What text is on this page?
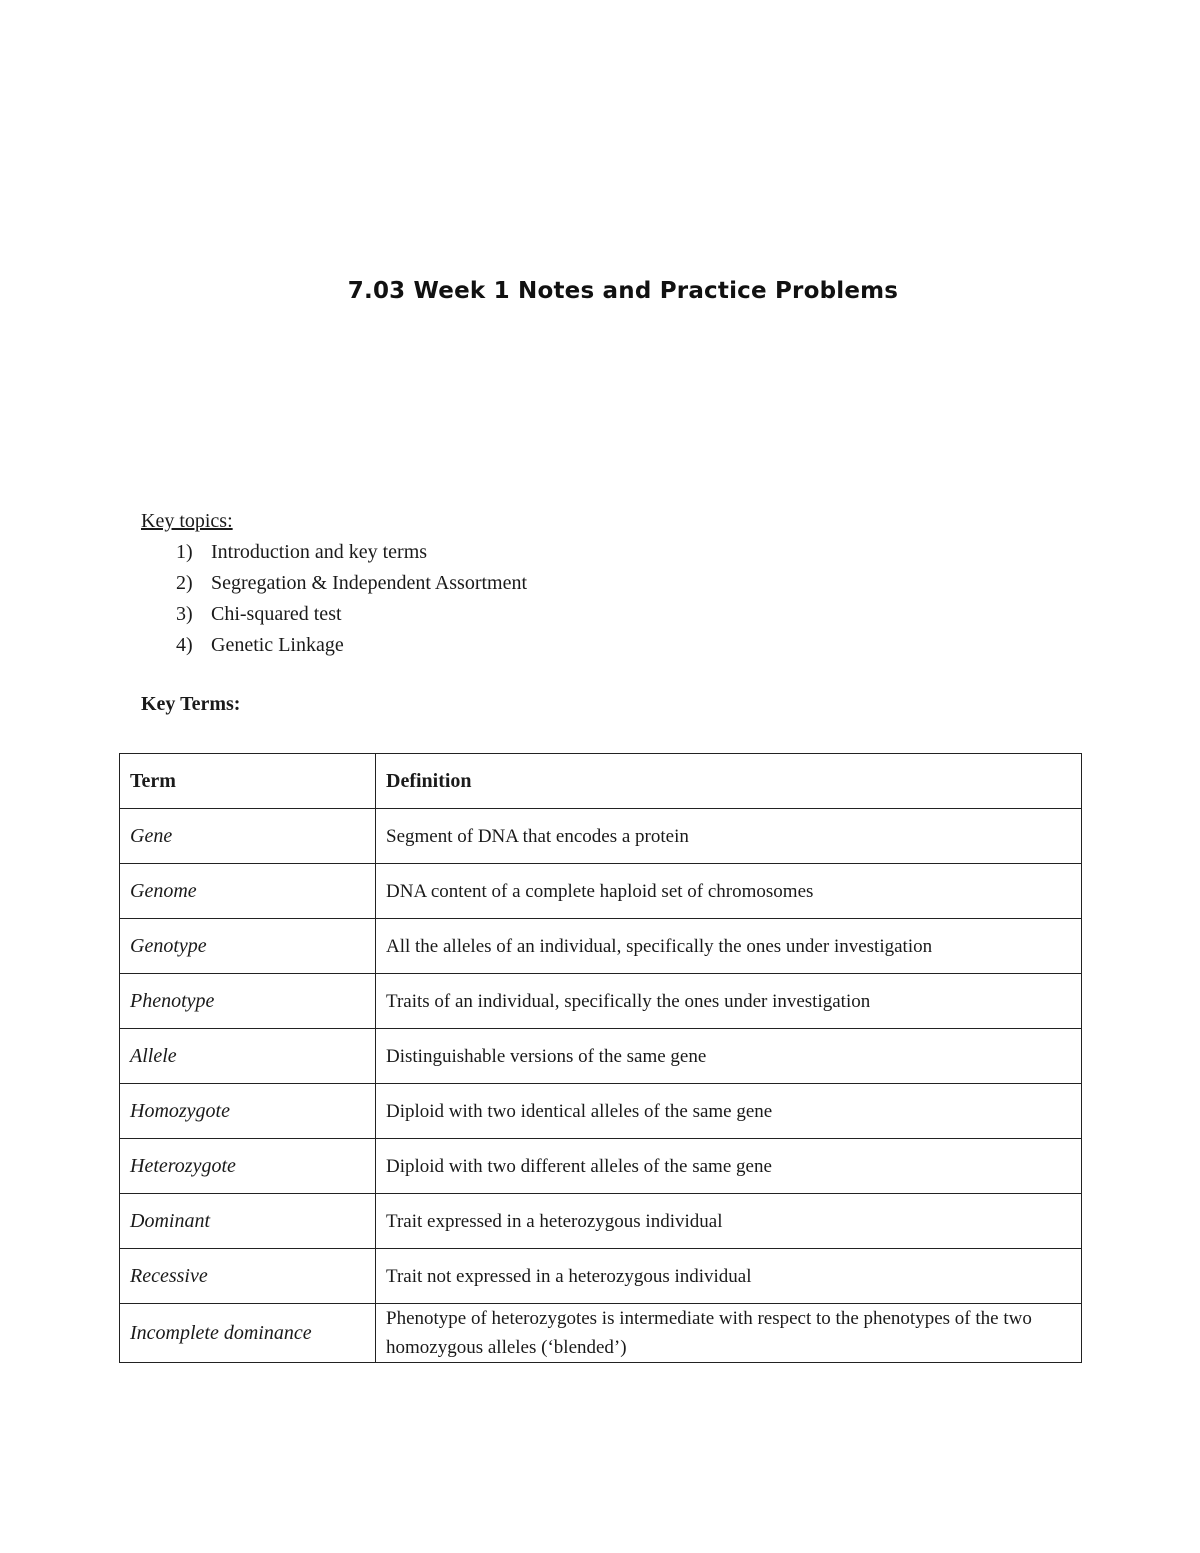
7.03 Week 1 Notes and Practice Problems

Key topics:

1) Introduction and key terms
2) Segregation & Independent Assortment
3) Chi-squared test
4) Genetic Linkage

Key Terms:

Term	Definition
Gene	Segment of DNA that encodes a protein
Genome	DNA content of a complete haploid set of chromosomes
Genotype	All the alleles of an individual, specifically the ones under investigation
Phenotype	Traits of an individual, specifically the ones under investigation
Allele	Distinguishable versions of the same gene
Homozygote	Diploid with two identical alleles of the same gene
Heterozygote	Diploid with two different alleles of the same gene
Dominant	Trait expressed in a heterozygous individual
Recessive	Trait not expressed in a heterozygous individual
Incomplete dominance	Phenotype of heterozygotes is intermediate with respect to the phenotypes of the two homozygous alleles (‘blended’)
